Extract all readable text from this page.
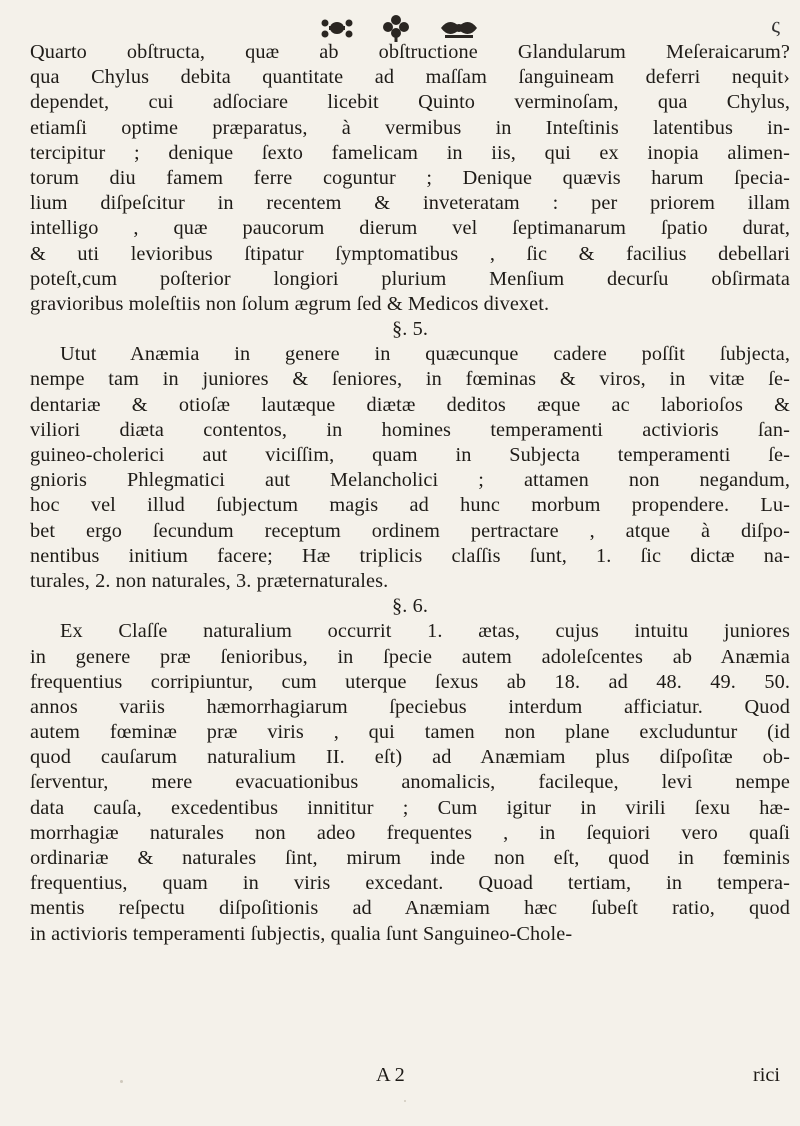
ς
Quarto obſtructa, quæ ab obſtructione Glandularum Meſeraicarum?
qua Chylus debita quantitate ad maſſam ſanguineam deferri nequit›
dependet, cui adſociare licebit Quinto verminoſam, qua Chylus,
etiamſi optime præparatus, à vermibus in Inteſtinis latentibus in-
tercipitur ; denique ſexto famelicam in iis, qui ex inopia alimen-
torum diu famem ferre coguntur ; Denique quævis harum ſpecia-
lium diſpeſcitur in recentem & inveteratam : per priorem illam
intelligo , quæ paucorum dierum vel ſeptimanarum ſpatio durat,
& uti levioribus ſtipatur ſymptomatibus , ſic & facilius debellari
poteſt,cum poſterior longiori plurium Menſium decurſu obſirmata
gravioribus moleſtiis non ſolum ægrum ſed & Medicos divexet.
§. 5.
Utut Anæmia in genere in quæcunque cadere poſſit ſubjecta,
nempe tam in juniores & ſeniores, in fœminas & viros, in vitæ ſe-
dentariæ & otioſæ lautæque diætæ deditos æque ac laborioſos &
viliori diæta contentos, in homines temperamenti activioris ſan-
guineo-cholerici aut viciſſim, quam in Subjecta temperamenti ſe-
gnioris Phlegmatici aut Melancholici ; attamen non negandum,
hoc vel illud ſubjectum magis ad hunc morbum propendere. Lu-
bet ergo ſecundum receptum ordinem pertractare , atque à diſpo-
nentibus initium facere; Hæ triplicis claſſis ſunt, 1. ſic dictæ na-
turales, 2. non naturales, 3. præternaturales.
§. 6.
Ex Claſſe naturalium occurrit 1. ætas, cujus intuitu juniores
in genere præ ſenioribus, in ſpecie autem adoleſcentes ab Anæmia
frequentius corripiuntur, cum uterque ſexus ab 18. ad 48. 49. 50.
annos variis hæmorrhagiarum ſpeciebus interdum afficiatur. Quod
autem fœminæ præ viris , qui tamen non plane excluduntur (id
quod cauſarum naturalium II. eſt) ad Anæmiam plus diſpoſitæ ob-
ſerventur, mere evacuationibus anomalicis, facileque, levi nempe
data cauſa, excedentibus innititur ; Cum igitur in virili ſexu hæ-
morrhagiæ naturales non adeo frequentes , in ſequiori vero quaſi
ordinariæ & naturales ſint, mirum inde non eſt, quod in fœminis
frequentius, quam in viris excedant. Quoad tertiam, in tempera-
mentis reſpectu diſpoſitionis ad Anæmiam hæc ſubeſt ratio, quod
in activioris temperamenti ſubjectis, qualia ſunt Sanguineo-Chole-
A 2	rici
